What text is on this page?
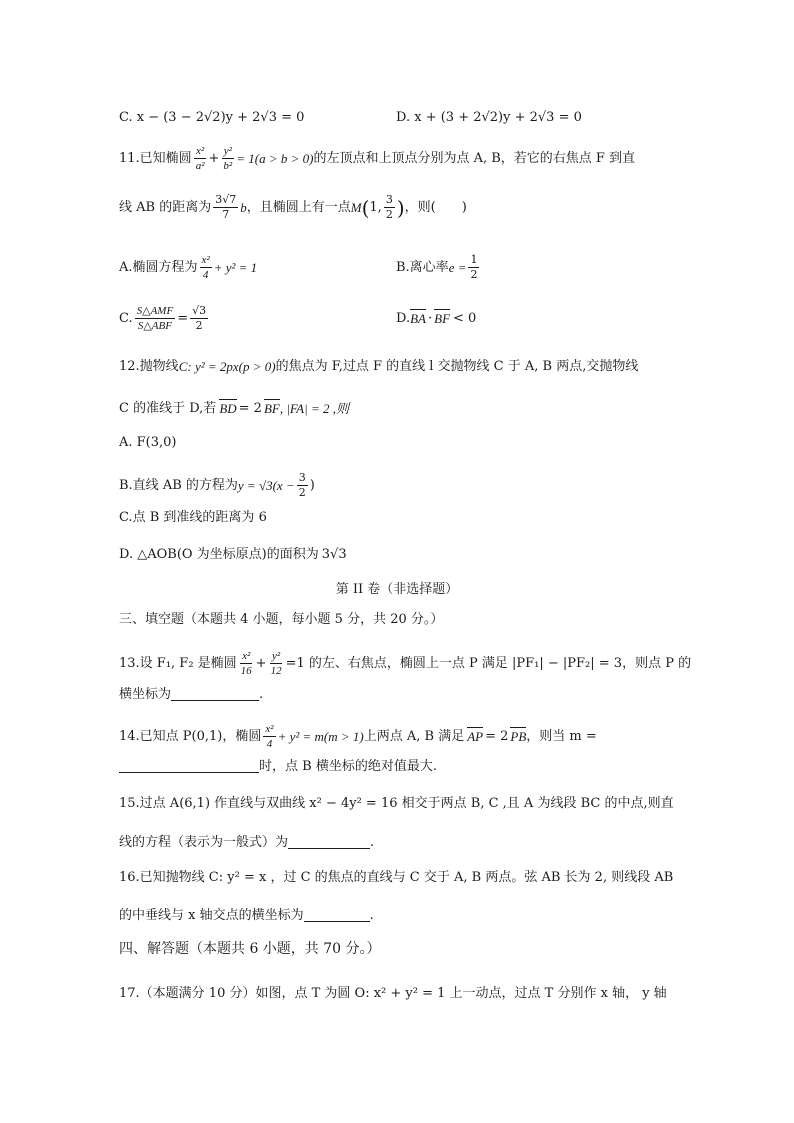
C. x − (3 − 2√2)y + 2√3 = 0	D. x + (3 + 2√2)y + 2√3 = 0
11.已知椭圆 $\frac{\text{x²}}{\text{a²}} + \frac{\text{y²}}{\text{b²}} = 1(a > b > 0)$ 的左顶点和上顶点分别为点 A, B，若它的右焦点 F 到直
线 AB 的距离为 $\frac{3√7}{7}$ b ，且椭圆上有一点 M ( 1, $\frac{3}{2}$ ) ，则(　　)
A.椭圆方程为 $\frac{\text{x²}}{4} + y^2 = 1$	B.离心率 $e = \frac{1}{2}$
C. $\frac{\text{S△AMF}}{\text{S△ABF}} = \frac{√3}{2}$	D. BA · BF < 0
12.抛物线 C: y² = 2px(p > 0) 的焦点为 F,过点 F 的直线 l 交抛物线 C 于 A, B 两点,交抛物线
C 的准线于 D,若 BD = 2 BF , |FA| = 2 ,则
A. F(3,0)
B.直线 AB 的方程为 $y = √3(x - \frac{3}{2}$ )
C.点 B 到准线的距离为 6
D. △AOB(O 为坐标原点)的面积为 3√3
第 II 卷（非选择题）
三、填空题（本题共 4 小题，每小题 5 分，共 20 分。）
13.设 F₁, F₂ 是椭圆 $\frac{\text{x²}}{16} + \frac{\text{y²}}{12} =1$ 的左、右焦点，椭圆上一点 P 满足 |PF₁| − |PF₂| = 3，则点 P 的
横坐标为	.
14.已知点 P(0,1)，椭圆 $\frac{\text{x²}}{4} + y^2 = m(m > 1)$ 上两点 A, B 满足 AP = 2 PB ，则当 m =
时，点 B 横坐标的绝对值最大.
15.过点 A(6,1) 作直线与双曲线 x² − 4y² = 16 相交于两点 B, C ,且 A 为线段 BC 的中点,则直
线的方程（表示为一般式）为	.
16.已知抛物线 C: y² = x ，过 C 的焦点的直线与 C 交于 A, B 两点。弦 AB 长为 2, 则线段 AB
的中垂线与 x 轴交点的横坐标为	.
四、解答题（本题共 6 小题，共 70 分。）
17.（本题满分 10 分）如图，点 T 为圆 O: x² + y² = 1 上一动点，过点 T 分别作 x 轴， y 轴
